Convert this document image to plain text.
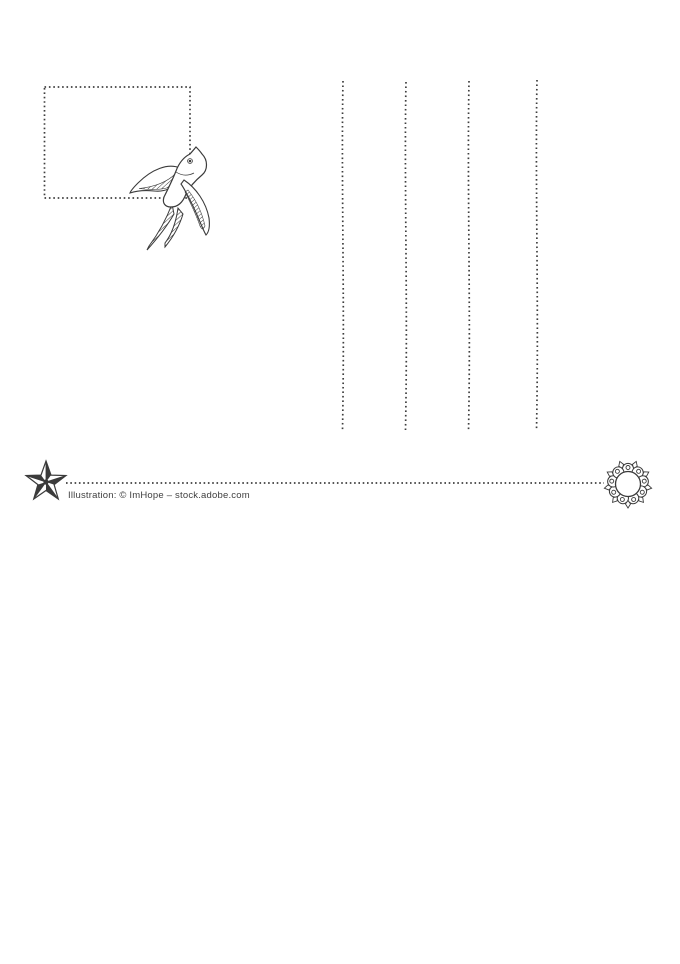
Illustration: © ImHope – stock.adobe.com
